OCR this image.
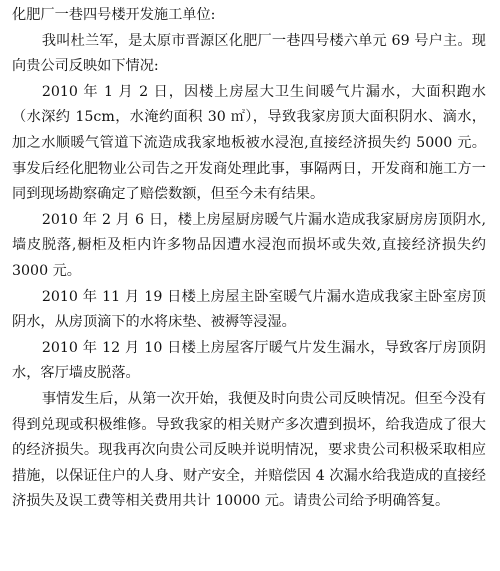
化肥厂一巷四号楼开发施工单位:

我叫杜兰军，是太原市晋源区化肥厂一巷四号楼六单元 69 号户主。现向贵公司反映如下情况:

2010 年 1 月 2 日，因楼上房屋大卫生间暖气片漏水，大面积跑水（水深约 15cm，水淹约面积 30 ㎡），导致我家房顶大面积阴水、滴水，加之水顺暖气管道下流造成我家地板被水浸泡,直接经济损失约 5000 元。事发后经化肥物业公司告之开发商处理此事，事隔两日，开发商和施工方一同到现场勘察确定了赔偿数额，但至今未有结果。

2010 年 2 月 6 日，楼上房屋厨房暖气片漏水造成我家厨房房顶阴水,墙皮脱落,橱柜及柜内许多物品因遭水浸泡而损坏或失效,直接经济损失约 3000 元。

2010 年 11 月 19 日楼上房屋主卧室暖气片漏水造成我家主卧室房顶阴水，从房顶滴下的水将床垫、被褥等浸湿。

2010 年 12 月 10 日楼上房屋客厅暖气片发生漏水，导致客厅房顶阴水，客厅墙皮脱落。

事情发生后，从第一次开始，我便及时向贵公司反映情况。但至今没有得到兑现或积极维修。导致我家的相关财产多次遭到损坏，给我造成了很大的经济损失。现我再次向贵公司反映并说明情况，要求贵公司积极采取相应措施，以保证住户的人身、财产安全，并赔偿因 4 次漏水给我造成的直接经济损失及误工费等相关费用共计 10000 元。请贵公司给予明确答复。
